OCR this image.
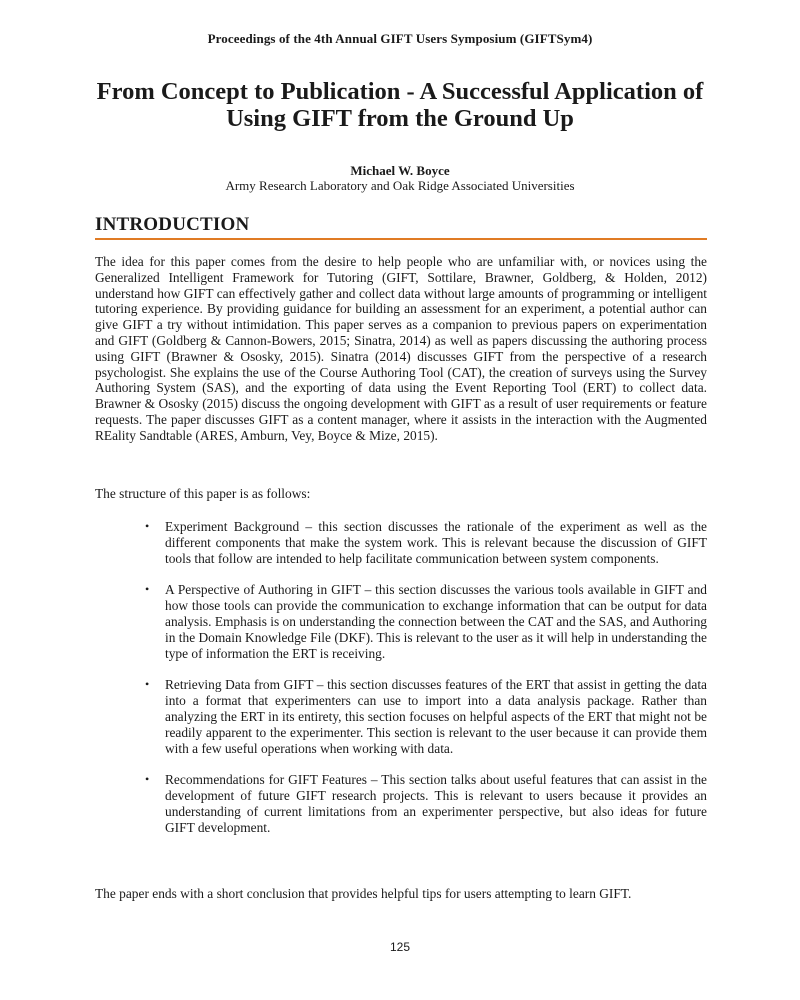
Proceedings of the 4th Annual GIFT Users Symposium (GIFTSym4)
From Concept to Publication - A Successful Application of
Using GIFT from the Ground Up
Michael W. Boyce
Army Research Laboratory and Oak Ridge Associated Universities
INTRODUCTION
The idea for this paper comes from the desire to help people who are unfamiliar with, or novices using the Generalized Intelligent Framework for Tutoring (GIFT, Sottilare, Brawner, Goldberg, & Holden, 2012) understand how GIFT can effectively gather and collect data without large amounts of programming or intelligent tutoring experience. By providing guidance for building an assessment for an experiment, a potential author can give GIFT a try without intimidation. This paper serves as a companion to previous papers on experimentation and GIFT (Goldberg & Cannon-Bowers, 2015; Sinatra, 2014) as well as papers discussing the authoring process using GIFT (Brawner & Ososky, 2015). Sinatra (2014) discusses GIFT from the perspective of a research psychologist. She explains the use of the Course Authoring Tool (CAT), the creation of surveys using the Survey Authoring System (SAS), and the exporting of data using the Event Reporting Tool (ERT) to collect data. Brawner & Ososky (2015) discuss the ongoing development with GIFT as a result of user requirements or feature requests. The paper discusses GIFT as a content manager, where it assists in the interaction with the Augmented REality Sandtable (ARES, Amburn, Vey, Boyce & Mize, 2015).
The structure of this paper is as follows:
• Experiment Background – this section discusses the rationale of the experiment as well as the different components that make the system work. This is relevant because the discussion of GIFT tools that follow are intended to help facilitate communication between system components.
• A Perspective of Authoring in GIFT – this section discusses the various tools available in GIFT and how those tools can provide the communication to exchange information that can be output for data analysis. Emphasis is on understanding the connection between the CAT and the SAS, and Authoring in the Domain Knowledge File (DKF). This is relevant to the user as it will help in understanding the type of information the ERT is receiving.
• Retrieving Data from GIFT – this section discusses features of the ERT that assist in getting the data into a format that experimenters can use to import into a data analysis package. Rather than analyzing the ERT in its entirety, this section focuses on helpful aspects of the ERT that might not be readily apparent to the experimenter. This section is relevant to the user because it can provide them with a few useful operations when working with data.
• Recommendations for GIFT Features – This section talks about useful features that can assist in the development of future GIFT research projects. This is relevant to users because it provides an understanding of current limitations from an experimenter perspective, but also ideas for future GIFT development.
The paper ends with a short conclusion that provides helpful tips for users attempting to learn GIFT.
125
